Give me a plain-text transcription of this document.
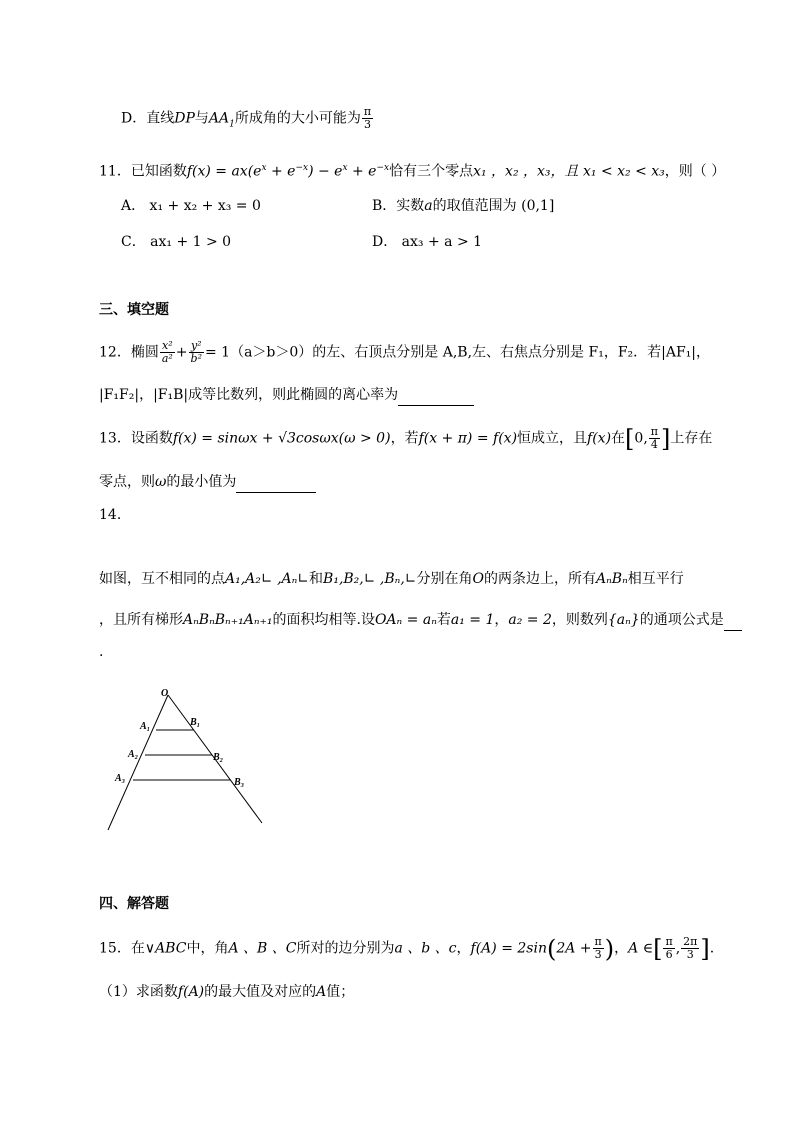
D．直线DP与$AA_1$所成角的大小可能为 $\frac{\pi}{3}$
11．已知函数$f(x) = ax(e^x + e^{-x}) - e^x + e^{-x}$恰有三个零点x₁ ，x₂ ，x₃，且 x₁ < x₂ < x₃，则（ ）
A． x₁ + x₂ + x₃ = 0	B．实数a的取值范围为 (0,1]
C． ax₁ + 1 > 0	D． ax₃ + a > 1
三、填空题
12．椭圆 $\frac{\text{x²}}{\text{a²}} + \frac{\text{y²}}{\text{b²}} = 1(a>b>0)$的左、右顶点分别是 A,B,左、右焦点分别是 F₁，F₂．若|AF₁|，
|F₁F₂|，|F₁B|成等比数列，则此椭圆的离心率为
13．设函数f(x) = sinωx + √3cosωx(ω > 0)，若f(x + π) = f(x)恒成立，且f(x)在[0, $\frac{\pi}{4}$ ]上存在
零点，则ω的最小值为
14．
如图，互不相同的点A₁,A₂∟ ,Aₙ∟和B₁,B₂,∟ ,Bₙ,∟分别在角O的两条边上，所有AₙBₙ相互平行
，且所有梯形AₙBₙBₙ₊₁Aₙ₊₁的面积均相等.设OAₙ = aₙ若a₁ = 1，a₂ = 2，则数列{aₙ}的通项公式是
.
O
A₁	B₁
A₂	B₂
A₃	B₃
四、解答题
15．在∨ABC中，角A 、B 、C所对的边分别为a 、b 、c，$f(A) = 2\sin(2A + \frac{\pi}{3}$ )，A ∈[ $\frac{\pi}{6}$ , $\frac{2\pi}{3}$ ].
（1）求函数f(A)的最大值及对应的A值；
